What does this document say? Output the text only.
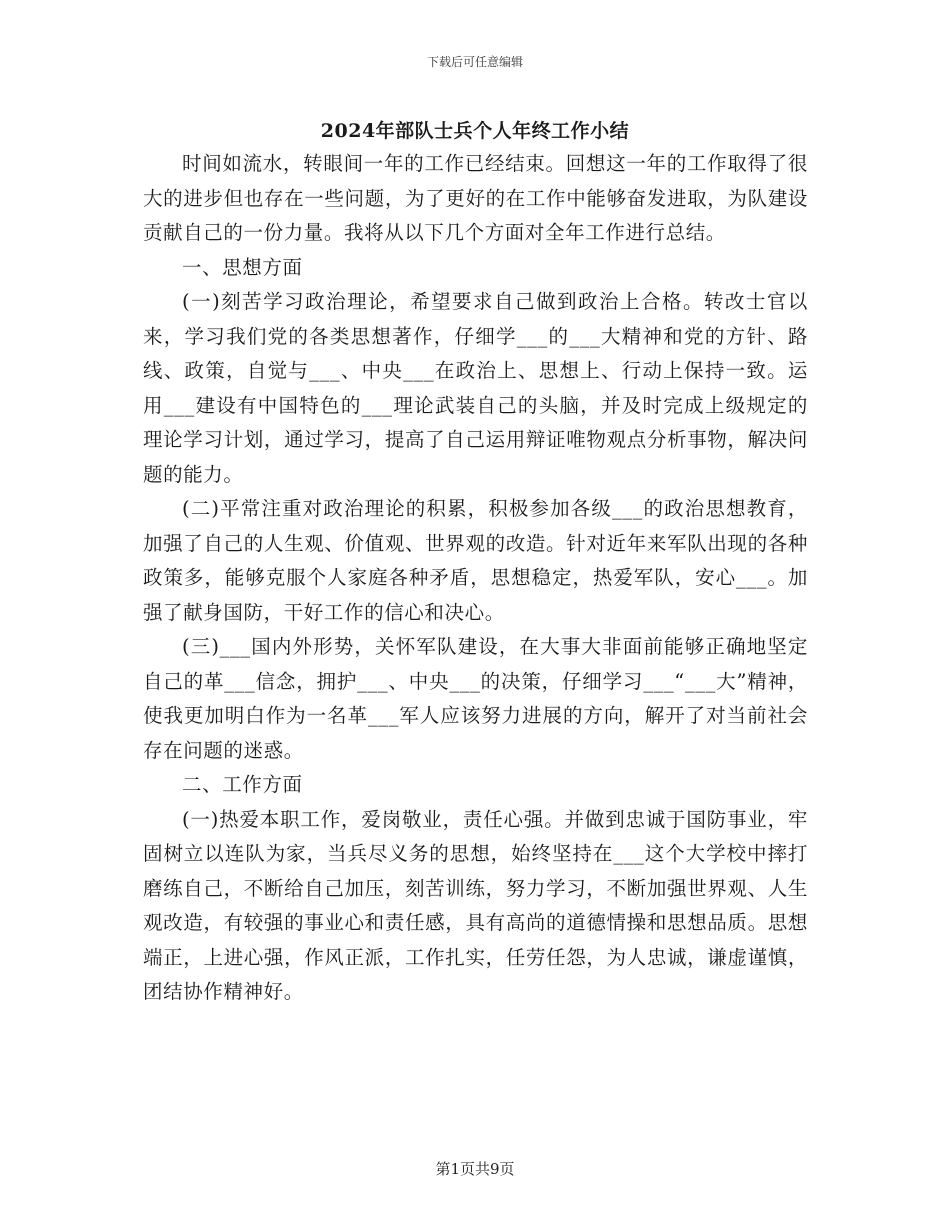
下载后可任意编辑
2024年部队士兵个人年终工作小结

时间如流水，转眼间一年的工作已经结束。回想这一年的工作取得了很大的进步但也存在一些问题，为了更好的在工作中能够奋发进取，为队建设贡献自己的一份力量。我将从以下几个方面对全年工作进行总结。

一、思想方面

(一)刻苦学习政治理论，希望要求自己做到政治上合格。转改士官以来，学习我们党的各类思想著作，仔细学___的___大精神和党的方针、路线、政策，自觉与___、中央___在政治上、思想上、行动上保持一致。运用___建设有中国特色的___理论武装自己的头脑，并及时完成上级规定的理论学习计划，通过学习，提高了自己运用辩证唯物观点分析事物，解决问题的能力。

(二)平常注重对政治理论的积累，积极参加各级___的政治思想教育，加强了自己的人生观、价值观、世界观的改造。针对近年来军队出现的各种政策多，能够克服个人家庭各种矛盾，思想稳定，热爱军队，安心___。加强了献身国防，干好工作的信心和决心。

(三)___国内外形势，关怀军队建设，在大事大非面前能够正确地坚定自己的革___信念，拥护___、中央___的决策，仔细学习___“___大”精神，使我更加明白作为一名革___军人应该努力进展的方向，解开了对当前社会存在问题的迷惑。

二、工作方面

(一)热爱本职工作，爱岗敬业，责任心强。并做到忠诚于国防事业，牢固树立以连队为家，当兵尽义务的思想，始终坚持在___这个大学校中摔打磨练自己，不断给自己加压，刻苦训练，努力学习，不断加强世界观、人生观改造，有较强的事业心和责任感，具有高尚的道德情操和思想品质。思想端正，上进心强，作风正派，工作扎实，任劳任怨，为人忠诚，谦虚谨慎，团结协作精神好。

第1页共9页
